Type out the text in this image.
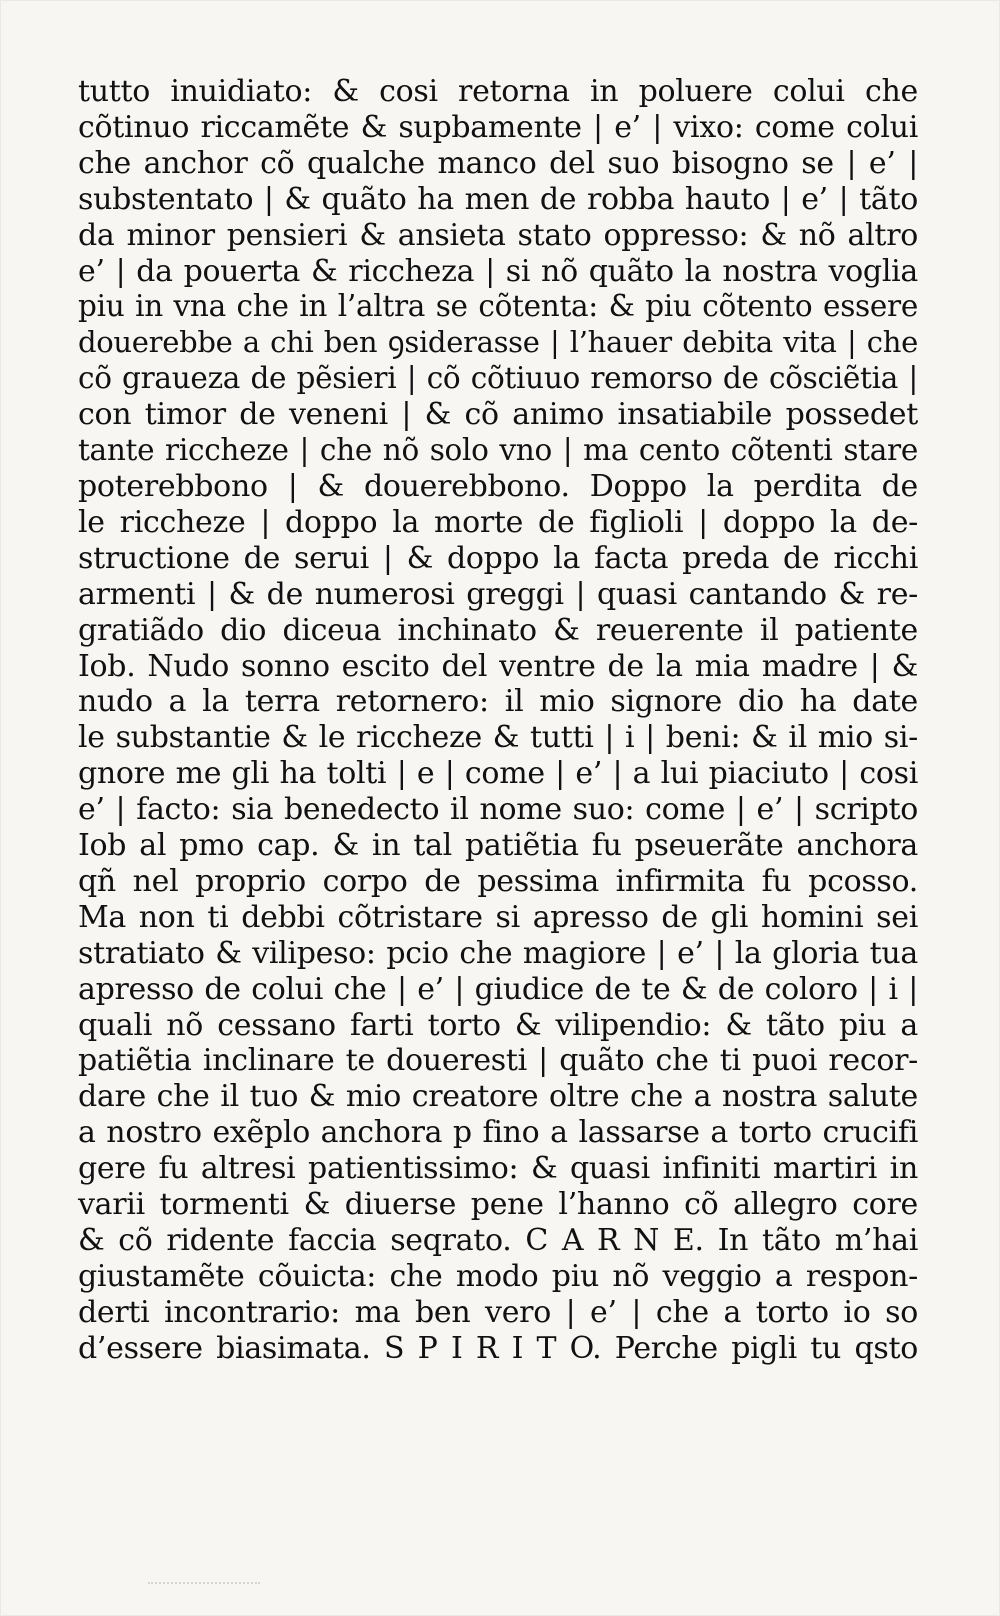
tutto inuidiato: & cosi retorna in poluere colui che
cõtinuo riccamẽte & supbamente | e’ | vixo: come colui
che anchor cõ qualche manco del suo bisogno se | e’ |
substentato | & quãto ha men de robba hauto | e’ | tãto
da minor pensieri & ansieta stato oppresso: & nõ altro
e’ | da pouerta & riccheza | si nõ quãto la nostra voglia
piu in vna che in l’altra se cõtenta: & piu cõtento essere
douerebbe a chi ben ꝯsiderasse | l’hauer debita vita | che
cõ graueza de pẽsieri | cõ cõtiuuo remorso de cõsciẽtia |
con timor de veneni | & cõ animo insatiabile possedet
tante riccheze | che nõ solo vno | ma cento cõtenti stare
poterebbono | & douerebbono. Doppo la perdita de
le riccheze | doppo la morte de figlioli | doppo la de-
structione de serui | & doppo la facta preda de ricchi
armenti | & de numerosi greggi | quasi cantando & re-
gratiãdo dio diceua inchinato & reuerente il patiente
Iob. Nudo sonno escito del ventre de la mia madre | &
nudo a la terra retornero: il mio signore dio ha date
le substantie & le riccheze & tutti | i | beni: & il mio si-
gnore me gli ha tolti | e | come | e’ | a lui piaciuto | cosi
e’ | facto: sia benedecto il nome suo: come | e’ | scripto
Iob al pmo cap. & in tal patiẽtia fu pseuerãte anchora
qñ nel proprio corpo de pessima infirmita fu pcosso.
Ma non ti debbi cõtristare si apresso de gli homini sei
stratiato & vilipeso: pcio che magiore | e’ | la gloria tua
apresso de colui che | e’ | giudice de te & de coloro | i |
quali nõ cessano farti torto & vilipendio: & tãto piu a
patiẽtia inclinare te doueresti | quãto che ti puoi recor-
dare che il tuo & mio creatore oltre che a nostra salute
a nostro exẽplo anchora p fino a lassarse a torto crucifi
gere fu altresi patientissimo: & quasi infiniti martiri in
varii tormenti & diuerse pene l’hanno cõ allegro core
& cõ ridente faccia seqrato. C A R N E. In tãto m’hai
giustamẽte cõuicta: che modo piu nõ veggio a respon-
derti incontrario: ma ben vero | e’ | che a torto io so
d’essere biasimata. S P I R I T O. Perche pigli tu qsto
